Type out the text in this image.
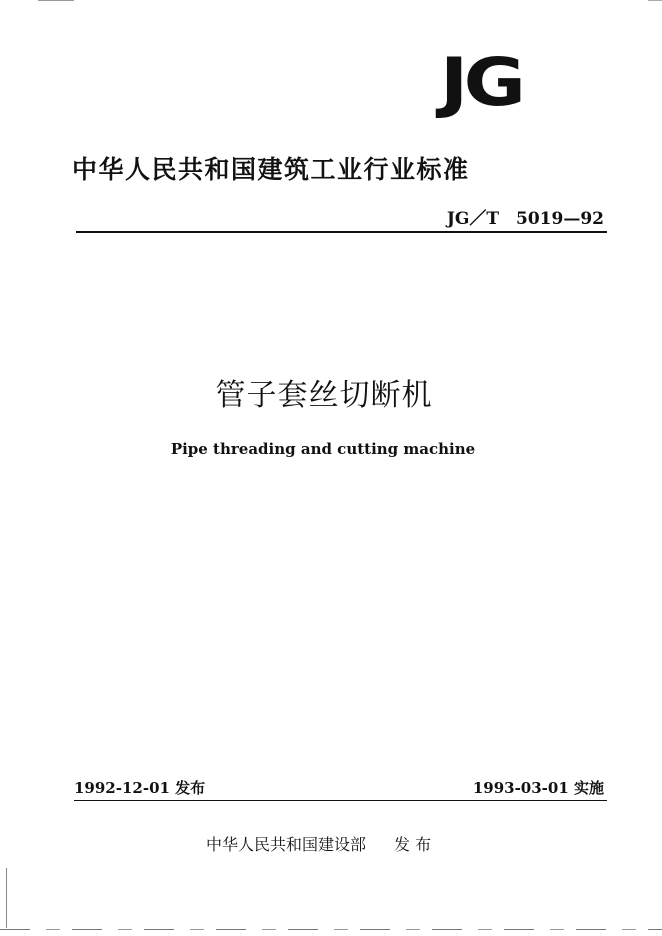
JG
中华人民共和国建筑工业行业标准
JG／T　5019—92
管子套丝切断机
Pipe threading and cutting machine
1992-12-01 发布	1993-03-01 实施
中华人民共和国建设部 发 布
